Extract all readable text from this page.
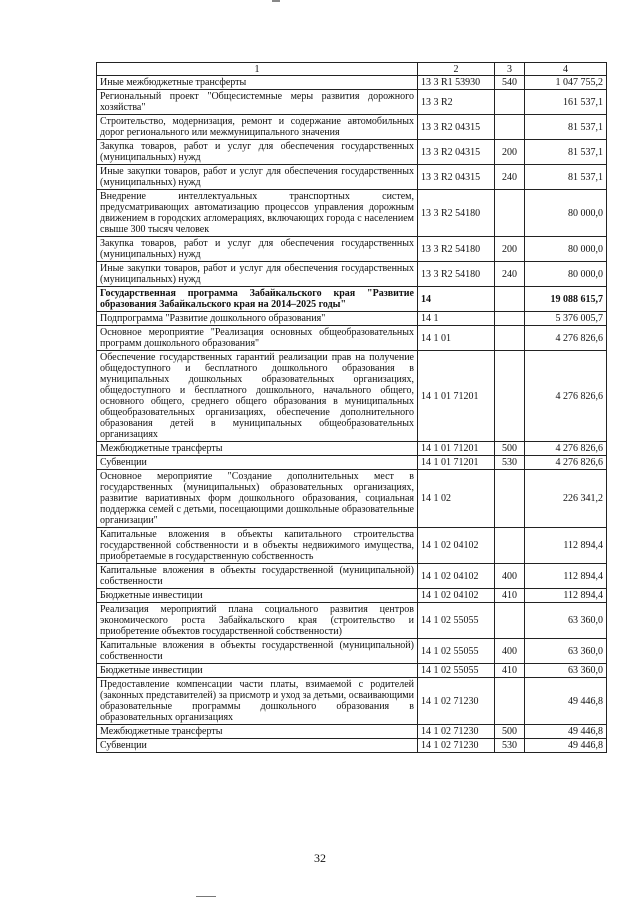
1	2	3	4
Иные межбюджетные трансферты	13 3 R1 53930	540	1 047 755,2
Региональный проект "Общесистемные меры развития дорожного хозяйства"	13 3 R2		161 537,1
Строительство, модернизация, ремонт и содержание автомобильных дорог регионального или межмуниципального значения	13 3 R2 04315		81 537,1
Закупка товаров, работ и услуг для обеспечения государственных (муниципальных) нужд	13 3 R2 04315	200	81 537,1
Иные закупки товаров, работ и услуг для обеспечения государственных (муниципальных) нужд	13 3 R2 04315	240	81 537,1
Внедрение интеллектуальных транспортных систем, предусматривающих автоматизацию процессов управления дорожным движением в городских агломерациях, включающих города с населением свыше 300 тысяч человек	13 3 R2 54180		80 000,0
Закупка товаров, работ и услуг для обеспечения государственных (муниципальных) нужд	13 3 R2 54180	200	80 000,0
Иные закупки товаров, работ и услуг для обеспечения государственных (муниципальных) нужд	13 3 R2 54180	240	80 000,0
Государственная программа Забайкальского края "Развитие образования Забайкальского края на 2014–2025 годы"	14		19 088 615,7
Подпрограмма "Развитие дошкольного образования"	14 1		5 376 005,7
Основное мероприятие "Реализация основных общеобразовательных программ дошкольного образования"	14 1 01		4 276 826,6
Обеспечение государственных гарантий реализации прав на получение общедоступного и бесплатного дошкольного образования в муниципальных дошкольных образовательных организациях, общедоступного и бесплатного дошкольного, начального общего, основного общего, среднего общего образования в муниципальных общеобразовательных организациях, обеспечение дополнительного образования детей в муниципальных общеобразовательных организациях	14 1 01 71201		4 276 826,6
Межбюджетные трансферты	14 1 01 71201	500	4 276 826,6
Субвенции	14 1 01 71201	530	4 276 826,6
Основное мероприятие "Создание дополнительных мест в государственных (муниципальных) образовательных организациях, развитие вариативных форм дошкольного образования, социальная поддержка семей с детьми, посещающими дошкольные образовательные организации"	14 1 02		226 341,2
Капитальные вложения в объекты капитального строительства государственной собственности и в объекты недвижимого имущества, приобретаемые в государственную собственность	14 1 02 04102		112 894,4
Капитальные вложения в объекты государственной (муниципальной) собственности	14 1 02 04102	400	112 894,4
Бюджетные инвестиции	14 1 02 04102	410	112 894,4
Реализация мероприятий плана социального развития центров экономического роста Забайкальского края (строительство и приобретение объектов государственной собственности)	14 1 02 55055		63 360,0
Капитальные вложения в объекты государственной (муниципальной) собственности	14 1 02 55055	400	63 360,0
Бюджетные инвестиции	14 1 02 55055	410	63 360,0
Предоставление компенсации части платы, взимаемой с родителей (законных представителей) за присмотр и уход за детьми, осваивающими образовательные программы дошкольного образования в образовательных организациях	14 1 02 71230		49 446,8
Межбюджетные трансферты	14 1 02 71230	500	49 446,8
Субвенции	14 1 02 71230	530	49 446,8
32
